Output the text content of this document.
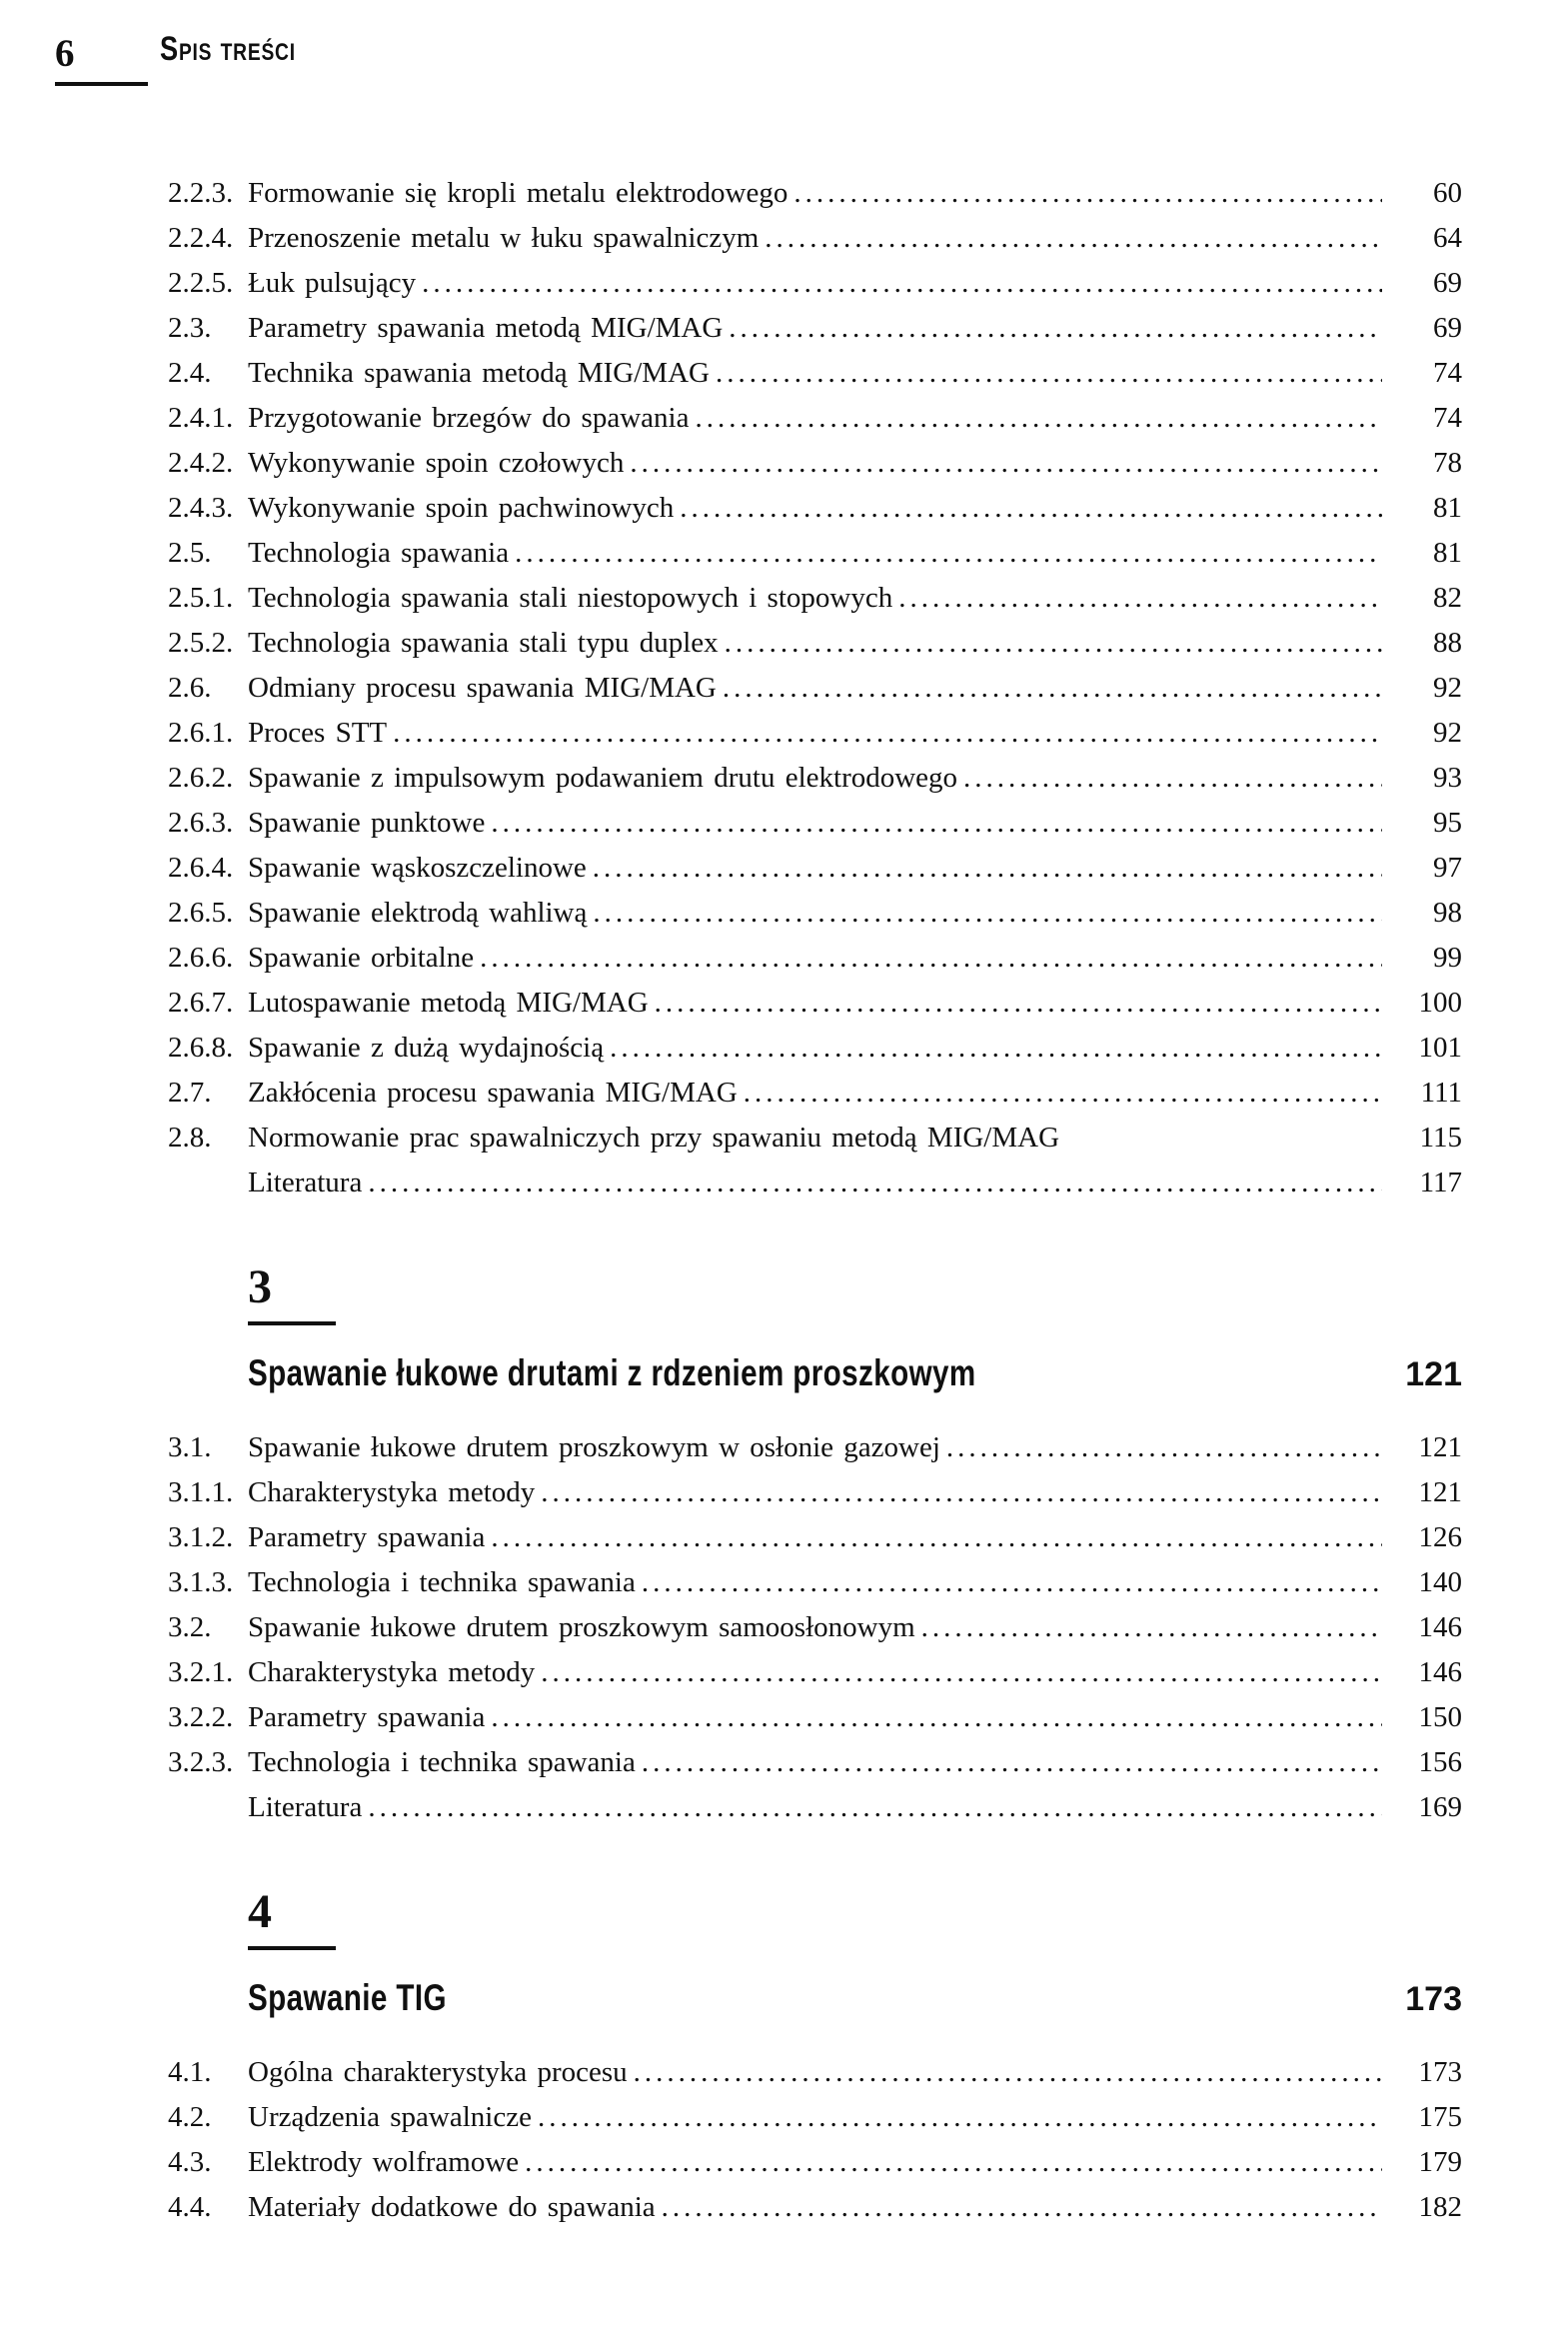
6 Spis treści
2.2.3. Formowanie się kropli metalu elektrodowego .....	60
2.2.4. Przenoszenie metalu w łuku spawalniczym .....	64
2.2.5. Łuk pulsujący .....	69
2.3.	Parametry spawania metodą MIG/MAG .....	69
2.4.	Technika spawania metodą MIG/MAG .....	74
2.4.1. Przygotowanie brzegów do spawania .....	74
2.4.2. Wykonywanie spoin czołowych .....	78
2.4.3. Wykonywanie spoin pachwinowych .....	81
2.5.	Technologia spawania .....	81
2.5.1. Technologia spawania stali niestopowych i stopowych .....	82
2.5.2. Technologia spawania stali typu duplex .....	88
2.6.	Odmiany procesu spawania MIG/MAG .....	92
2.6.1. Proces STT .....	92
2.6.2. Spawanie z impulsowym podawaniem drutu elektrodowego .....	93
2.6.3. Spawanie punktowe .....	95
2.6.4. Spawanie wąskoszczelinowe .....	97
2.6.5. Spawanie elektrodą wahliwą .....	98
2.6.6. Spawanie orbitalne .....	99
2.6.7. Lutospawanie metodą MIG/MAG .....	100
2.6.8. Spawanie z dużą wydajnością .....	101
2.7.	Zakłócenia procesu spawania MIG/MAG .....	111
2.8.	Normowanie prac spawalniczych przy spawaniu metodą MIG/MAG	115
Literatura .....	117
3
Spawanie łukowe drutami z rdzeniem proszkowym	121
3.1.	Spawanie łukowe drutem proszkowym w osłonie gazowej .....	121
3.1.1. Charakterystyka metody .....	121
3.1.2. Parametry spawania .....	126
3.1.3. Technologia i technika spawania .....	140
3.2.	Spawanie łukowe drutem proszkowym samoosłonowym .....	146
3.2.1. Charakterystyka metody .....	146
3.2.2. Parametry spawania .....	150
3.2.3. Technologia i technika spawania .....	156
Literatura .....	169
4
Spawanie TIG	173
4.1.	Ogólna charakterystyka procesu .....	173
4.2.	Urządzenia spawalnicze .....	175
4.3.	Elektrody wolframowe .....	179
4.4.	Materiały dodatkowe do spawania .....	182
